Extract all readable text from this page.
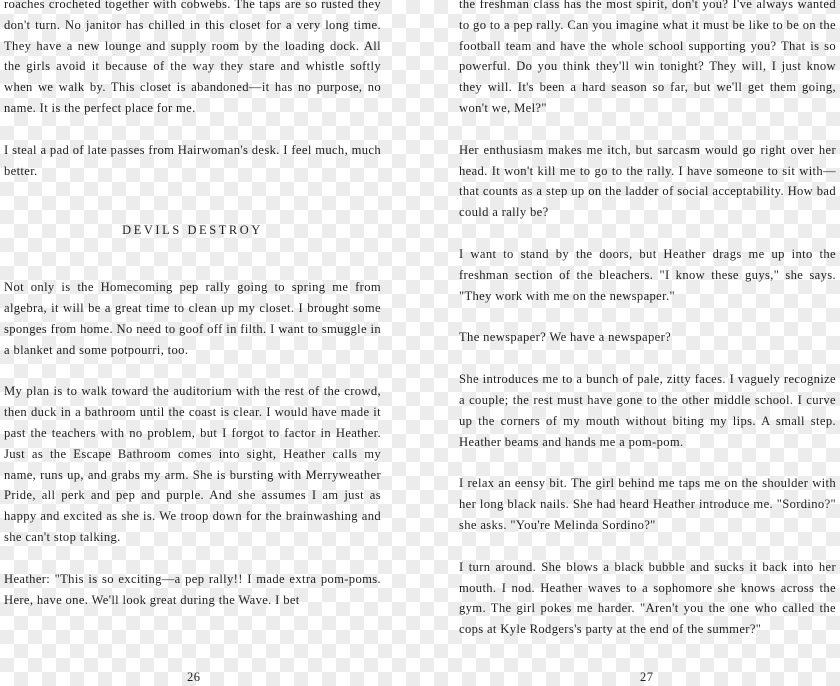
roaches crocheted together with cobwebs. The taps are so rusted they don't turn. No janitor has chilled in this closet for a very long time. They have a new lounge and supply room by the loading dock. All the girls avoid it because of the way they stare and whistle softly when we walk by. This closet is abandoned—it has no purpose, no name. It is the perfect place for me.

I steal a pad of late passes from Hairwoman's desk. I feel much, much better.

DEVILS DESTROY

Not only is the Homecoming pep rally going to spring me from algebra, it will be a great time to clean up my closet. I brought some sponges from home. No need to goof off in filth. I want to smuggle in a blanket and some potpourri, too.

My plan is to walk toward the auditorium with the rest of the crowd, then duck in a bathroom until the coast is clear. I would have made it past the teachers with no problem, but I forgot to factor in Heather. Just as the Escape Bathroom comes into sight, Heather calls my name, runs up, and grabs my arm. She is bursting with Merryweather Pride, all perk and pep and purple. And she assumes I am just as happy and excited as she is. We troop down for the brainwashing and she can't stop talking.

Heather: "This is so exciting—a pep rally!! I made extra pom-poms. Here, have one. We'll look great during the Wave. I bet

the freshman class has the most spirit, don't you? I've always wanted to go to a pep rally. Can you imagine what it must be like to be on the football team and have the whole school supporting you? That is so powerful. Do you think they'll win tonight? They will, I just know they will. It's been a hard season so far, but we'll get them going, won't we, Mel?"

Her enthusiasm makes me itch, but sarcasm would go right over her head. It won't kill me to go to the rally. I have someone to sit with—that counts as a step up on the ladder of social acceptability. How bad could a rally be?

I want to stand by the doors, but Heather drags me up into the freshman section of the bleachers. "I know these guys," she says. "They work with me on the newspaper."

The newspaper? We have a newspaper?

She introduces me to a bunch of pale, zitty faces. I vaguely recognize a couple; the rest must have gone to the other middle school. I curve up the corners of my mouth without biting my lips. A small step. Heather beams and hands me a pom-pom.

I relax an eensy bit. The girl behind me taps me on the shoulder with her long black nails. She had heard Heather introduce me. "Sordino?" she asks. "You're Melinda Sordino?"

I turn around. She blows a black bubble and sucks it back into her mouth. I nod. Heather waves to a sophomore she knows across the gym. The girl pokes me harder. "Aren't you the one who called the cops at Kyle Rodgers's party at the end of the summer?"

26	27
